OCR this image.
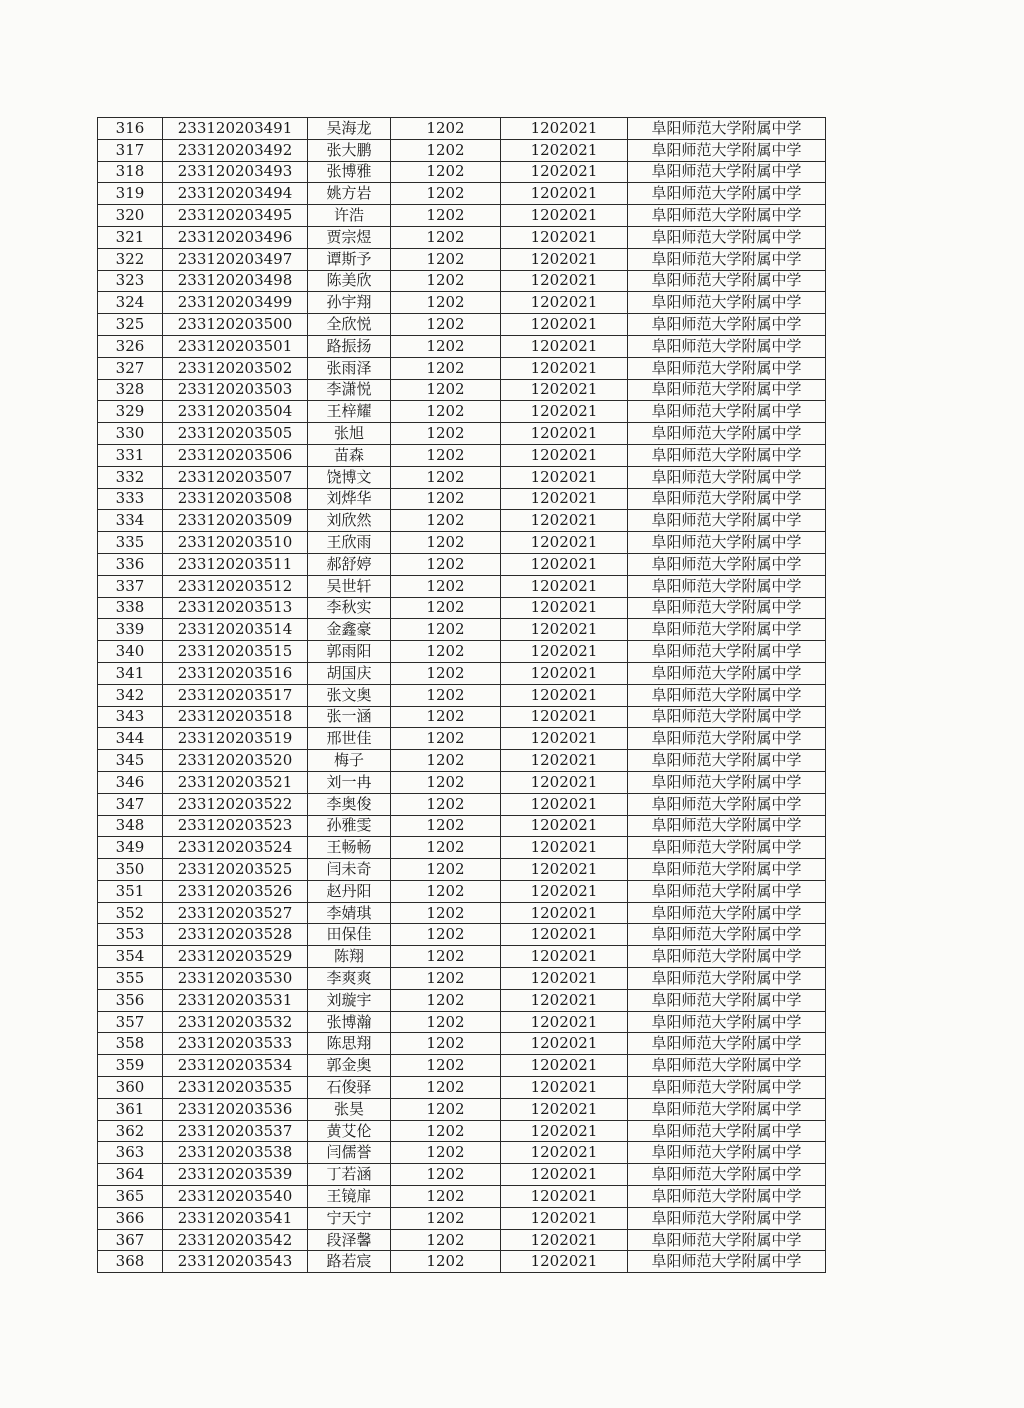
316	233120203491	吴海龙	1202	1202021	阜阳师范大学附属中学
317	233120203492	张大鹏	1202	1202021	阜阳师范大学附属中学
318	233120203493	张博雅	1202	1202021	阜阳师范大学附属中学
319	233120203494	姚方岩	1202	1202021	阜阳师范大学附属中学
320	233120203495	许浩	1202	1202021	阜阳师范大学附属中学
321	233120203496	贾宗煜	1202	1202021	阜阳师范大学附属中学
322	233120203497	谭斯予	1202	1202021	阜阳师范大学附属中学
323	233120203498	陈美欣	1202	1202021	阜阳师范大学附属中学
324	233120203499	孙宇翔	1202	1202021	阜阳师范大学附属中学
325	233120203500	全欣悦	1202	1202021	阜阳师范大学附属中学
326	233120203501	路振扬	1202	1202021	阜阳师范大学附属中学
327	233120203502	张雨泽	1202	1202021	阜阳师范大学附属中学
328	233120203503	李潇悦	1202	1202021	阜阳师范大学附属中学
329	233120203504	王梓耀	1202	1202021	阜阳师范大学附属中学
330	233120203505	张旭	1202	1202021	阜阳师范大学附属中学
331	233120203506	苗森	1202	1202021	阜阳师范大学附属中学
332	233120203507	饶博文	1202	1202021	阜阳师范大学附属中学
333	233120203508	刘烨华	1202	1202021	阜阳师范大学附属中学
334	233120203509	刘欣然	1202	1202021	阜阳师范大学附属中学
335	233120203510	王欣雨	1202	1202021	阜阳师范大学附属中学
336	233120203511	郝舒婷	1202	1202021	阜阳师范大学附属中学
337	233120203512	吴世轩	1202	1202021	阜阳师范大学附属中学
338	233120203513	李秋实	1202	1202021	阜阳师范大学附属中学
339	233120203514	金鑫豪	1202	1202021	阜阳师范大学附属中学
340	233120203515	郭雨阳	1202	1202021	阜阳师范大学附属中学
341	233120203516	胡国庆	1202	1202021	阜阳师范大学附属中学
342	233120203517	张文奥	1202	1202021	阜阳师范大学附属中学
343	233120203518	张一涵	1202	1202021	阜阳师范大学附属中学
344	233120203519	邢世佳	1202	1202021	阜阳师范大学附属中学
345	233120203520	梅子	1202	1202021	阜阳师范大学附属中学
346	233120203521	刘一冉	1202	1202021	阜阳师范大学附属中学
347	233120203522	李奥俊	1202	1202021	阜阳师范大学附属中学
348	233120203523	孙雅雯	1202	1202021	阜阳师范大学附属中学
349	233120203524	王畅畅	1202	1202021	阜阳师范大学附属中学
350	233120203525	闫未奇	1202	1202021	阜阳师范大学附属中学
351	233120203526	赵丹阳	1202	1202021	阜阳师范大学附属中学
352	233120203527	李婧琪	1202	1202021	阜阳师范大学附属中学
353	233120203528	田保佳	1202	1202021	阜阳师范大学附属中学
354	233120203529	陈翔	1202	1202021	阜阳师范大学附属中学
355	233120203530	李爽爽	1202	1202021	阜阳师范大学附属中学
356	233120203531	刘璇宇	1202	1202021	阜阳师范大学附属中学
357	233120203532	张博瀚	1202	1202021	阜阳师范大学附属中学
358	233120203533	陈思翔	1202	1202021	阜阳师范大学附属中学
359	233120203534	郭金奥	1202	1202021	阜阳师范大学附属中学
360	233120203535	石俊驿	1202	1202021	阜阳师范大学附属中学
361	233120203536	张昊	1202	1202021	阜阳师范大学附属中学
362	233120203537	黄艾伦	1202	1202021	阜阳师范大学附属中学
363	233120203538	闫儒誉	1202	1202021	阜阳师范大学附属中学
364	233120203539	丁若涵	1202	1202021	阜阳师范大学附属中学
365	233120203540	王镜扉	1202	1202021	阜阳师范大学附属中学
366	233120203541	宁天宁	1202	1202021	阜阳师范大学附属中学
367	233120203542	段泽馨	1202	1202021	阜阳师范大学附属中学
368	233120203543	路若宸	1202	1202021	阜阳师范大学附属中学
